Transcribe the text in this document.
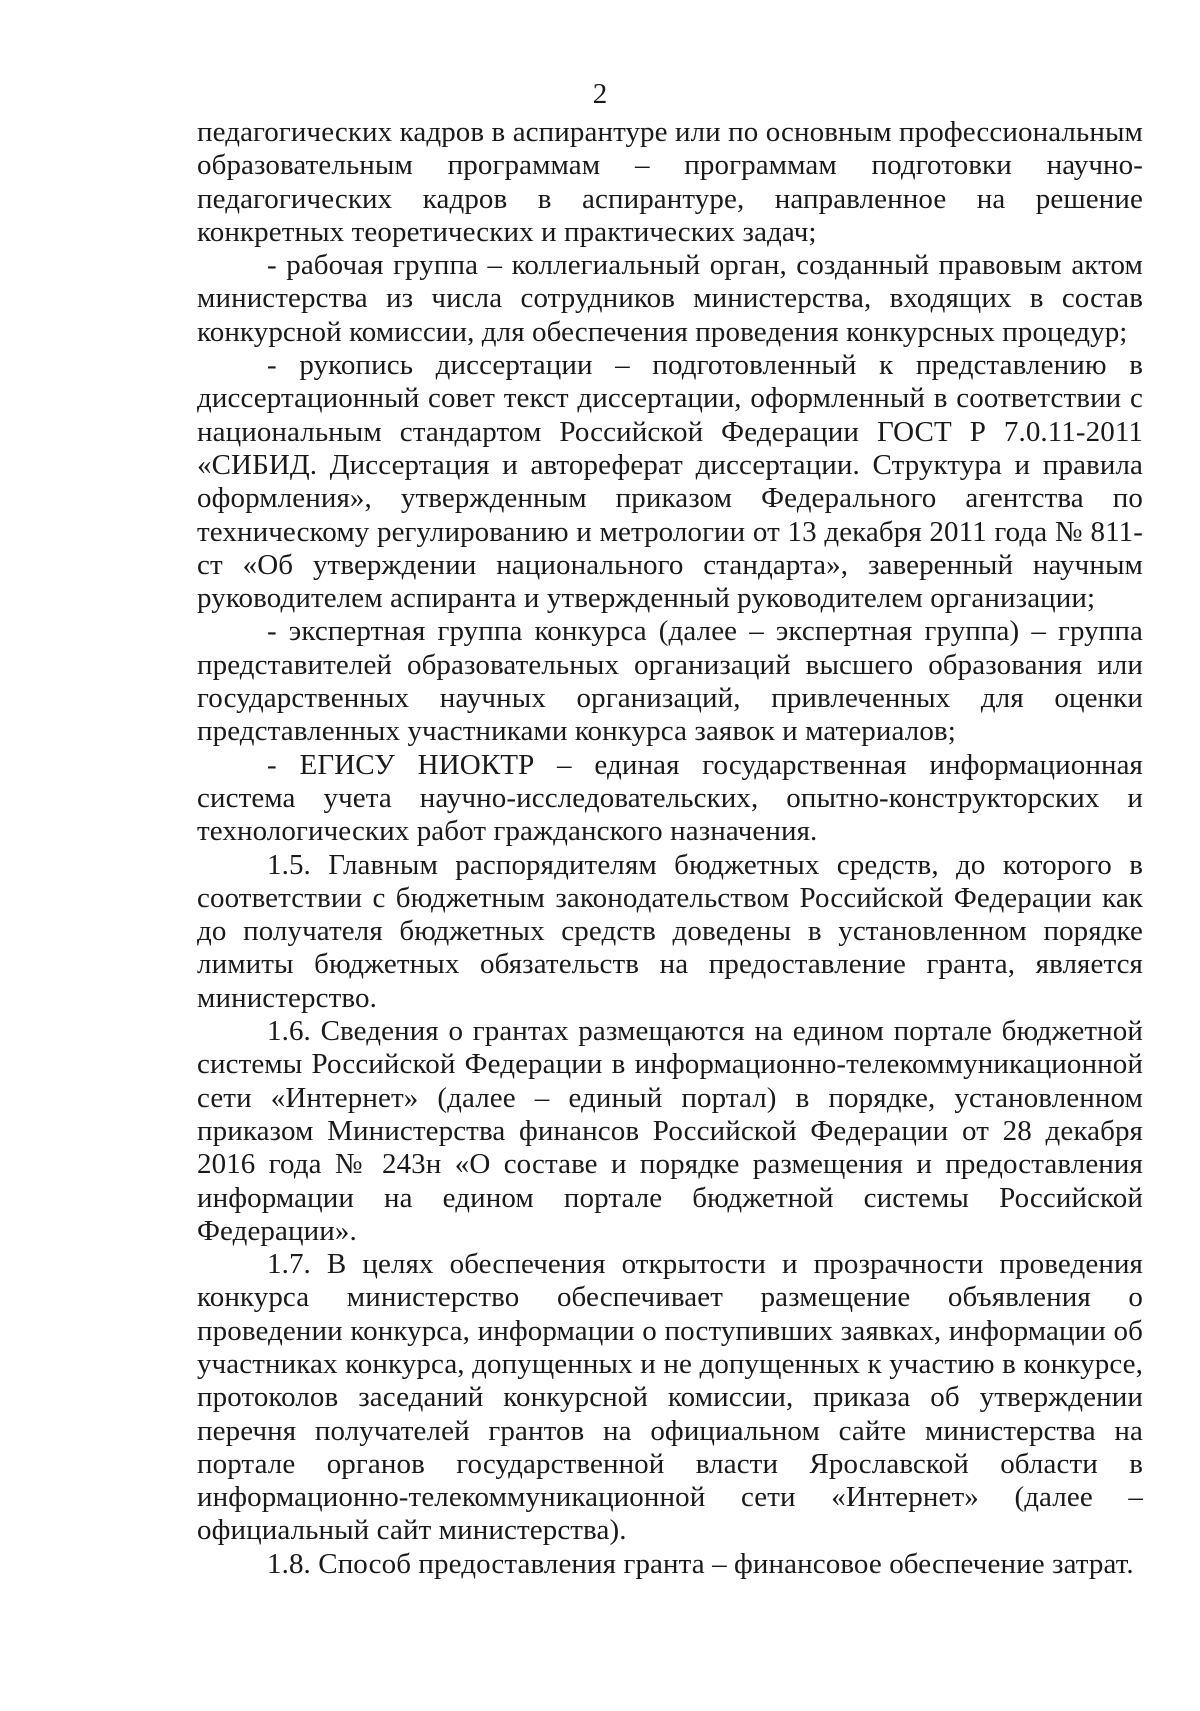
2

педагогических кадров в аспирантуре или по основным профессиональным образовательным программам – программам подготовки научно-педагогических кадров в аспирантуре, направленное на решение конкретных теоретических и практических задач;

- рабочая группа – коллегиальный орган, созданный правовым актом министерства из числа сотрудников министерства, входящих в состав конкурсной комиссии, для обеспечения проведения конкурсных процедур;

- рукопись диссертации – подготовленный к представлению в диссертационный совет текст диссертации, оформленный в соответствии с национальным стандартом Российской Федерации ГОСТ Р 7.0.11-2011 «СИБИД. Диссертация и автореферат диссертации. Структура и правила оформления», утвержденным приказом Федерального агентства по техническому регулированию и метрологии от 13 декабря 2011 года № 811-ст «Об утверждении национального стандарта», заверенный научным руководителем аспиранта и утвержденный руководителем организации;

- экспертная группа конкурса (далее – экспертная группа) – группа представителей образовательных организаций высшего образования или государственных научных организаций, привлеченных для оценки представленных участниками конкурса заявок и материалов;

- ЕГИСУ НИОКТР – единая государственная информационная система учета научно-исследовательских, опытно-конструкторских и технологических работ гражданского назначения.

1.5. Главным распорядителям бюджетных средств, до которого в соответствии с бюджетным законодательством Российской Федерации как до получателя бюджетных средств доведены в установленном порядке лимиты бюджетных обязательств на предоставление гранта, является министерство.

1.6. Сведения о грантах размещаются на едином портале бюджетной системы Российской Федерации в информационно-телекоммуникационной сети «Интернет» (далее – единый портал) в порядке, установленном приказом Министерства финансов Российской Федерации от 28 декабря 2016 года № 243н «О составе и порядке размещения и предоставления информации на едином портале бюджетной системы Российской Федерации».

1.7. В целях обеспечения открытости и прозрачности проведения конкурса министерство обеспечивает размещение объявления о проведении конкурса, информации о поступивших заявках, информации об участниках конкурса, допущенных и не допущенных к участию в конкурсе, протоколов заседаний конкурсной комиссии, приказа об утверждении перечня получателей грантов на официальном сайте министерства на портале органов государственной власти Ярославской области в информационно-телекоммуникационной сети «Интернет» (далее – официальный сайт министерства).

1.8. Способ предоставления гранта – финансовое обеспечение затрат.
